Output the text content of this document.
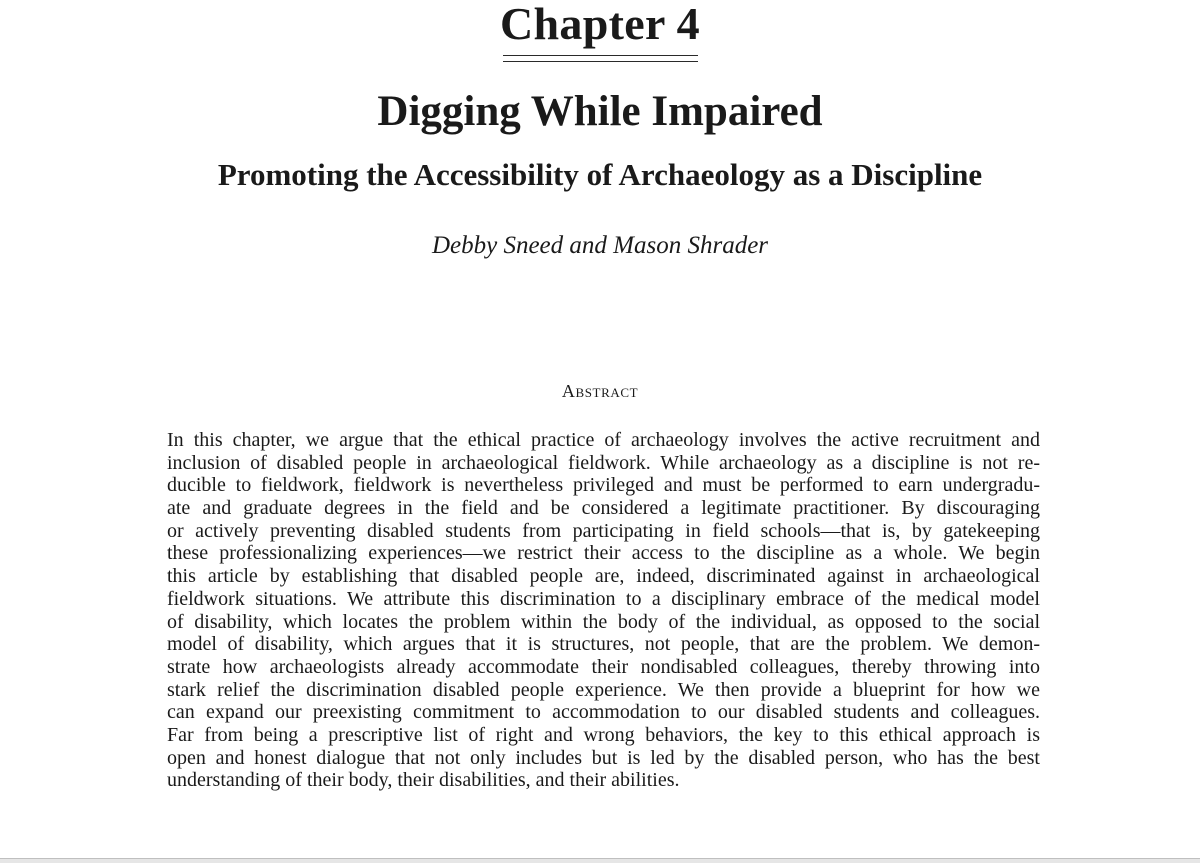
Chapter 4
Digging While Impaired
Promoting the Accessibility of Archaeology as a Discipline
Debby Sneed and Mason Shrader
Abstract
In this chapter, we argue that the ethical practice of archaeology involves the active recruitment and
inclusion of disabled people in archaeological fieldwork. While archaeology as a discipline is not re-
ducible to fieldwork, fieldwork is nevertheless privileged and must be performed to earn undergradu-
ate and graduate degrees in the field and be considered a legitimate practitioner. By discouraging
or actively preventing disabled students from participating in field schools—that is, by gatekeeping
these professionalizing experiences—we restrict their access to the discipline as a whole. We begin
this article by establishing that disabled people are, indeed, discriminated against in archaeological
fieldwork situations. We attribute this discrimination to a disciplinary embrace of the medical model
of disability, which locates the problem within the body of the individual, as opposed to the social
model of disability, which argues that it is structures, not people, that are the problem. We demon-
strate how archaeologists already accommodate their nondisabled colleagues, thereby throwing into
stark relief the discrimination disabled people experience. We then provide a blueprint for how we
can expand our preexisting commitment to accommodation to our disabled students and colleagues.
Far from being a prescriptive list of right and wrong behaviors, the key to this ethical approach is
open and honest dialogue that not only includes but is led by the disabled person, who has the best
understanding of their body, their disabilities, and their abilities.
